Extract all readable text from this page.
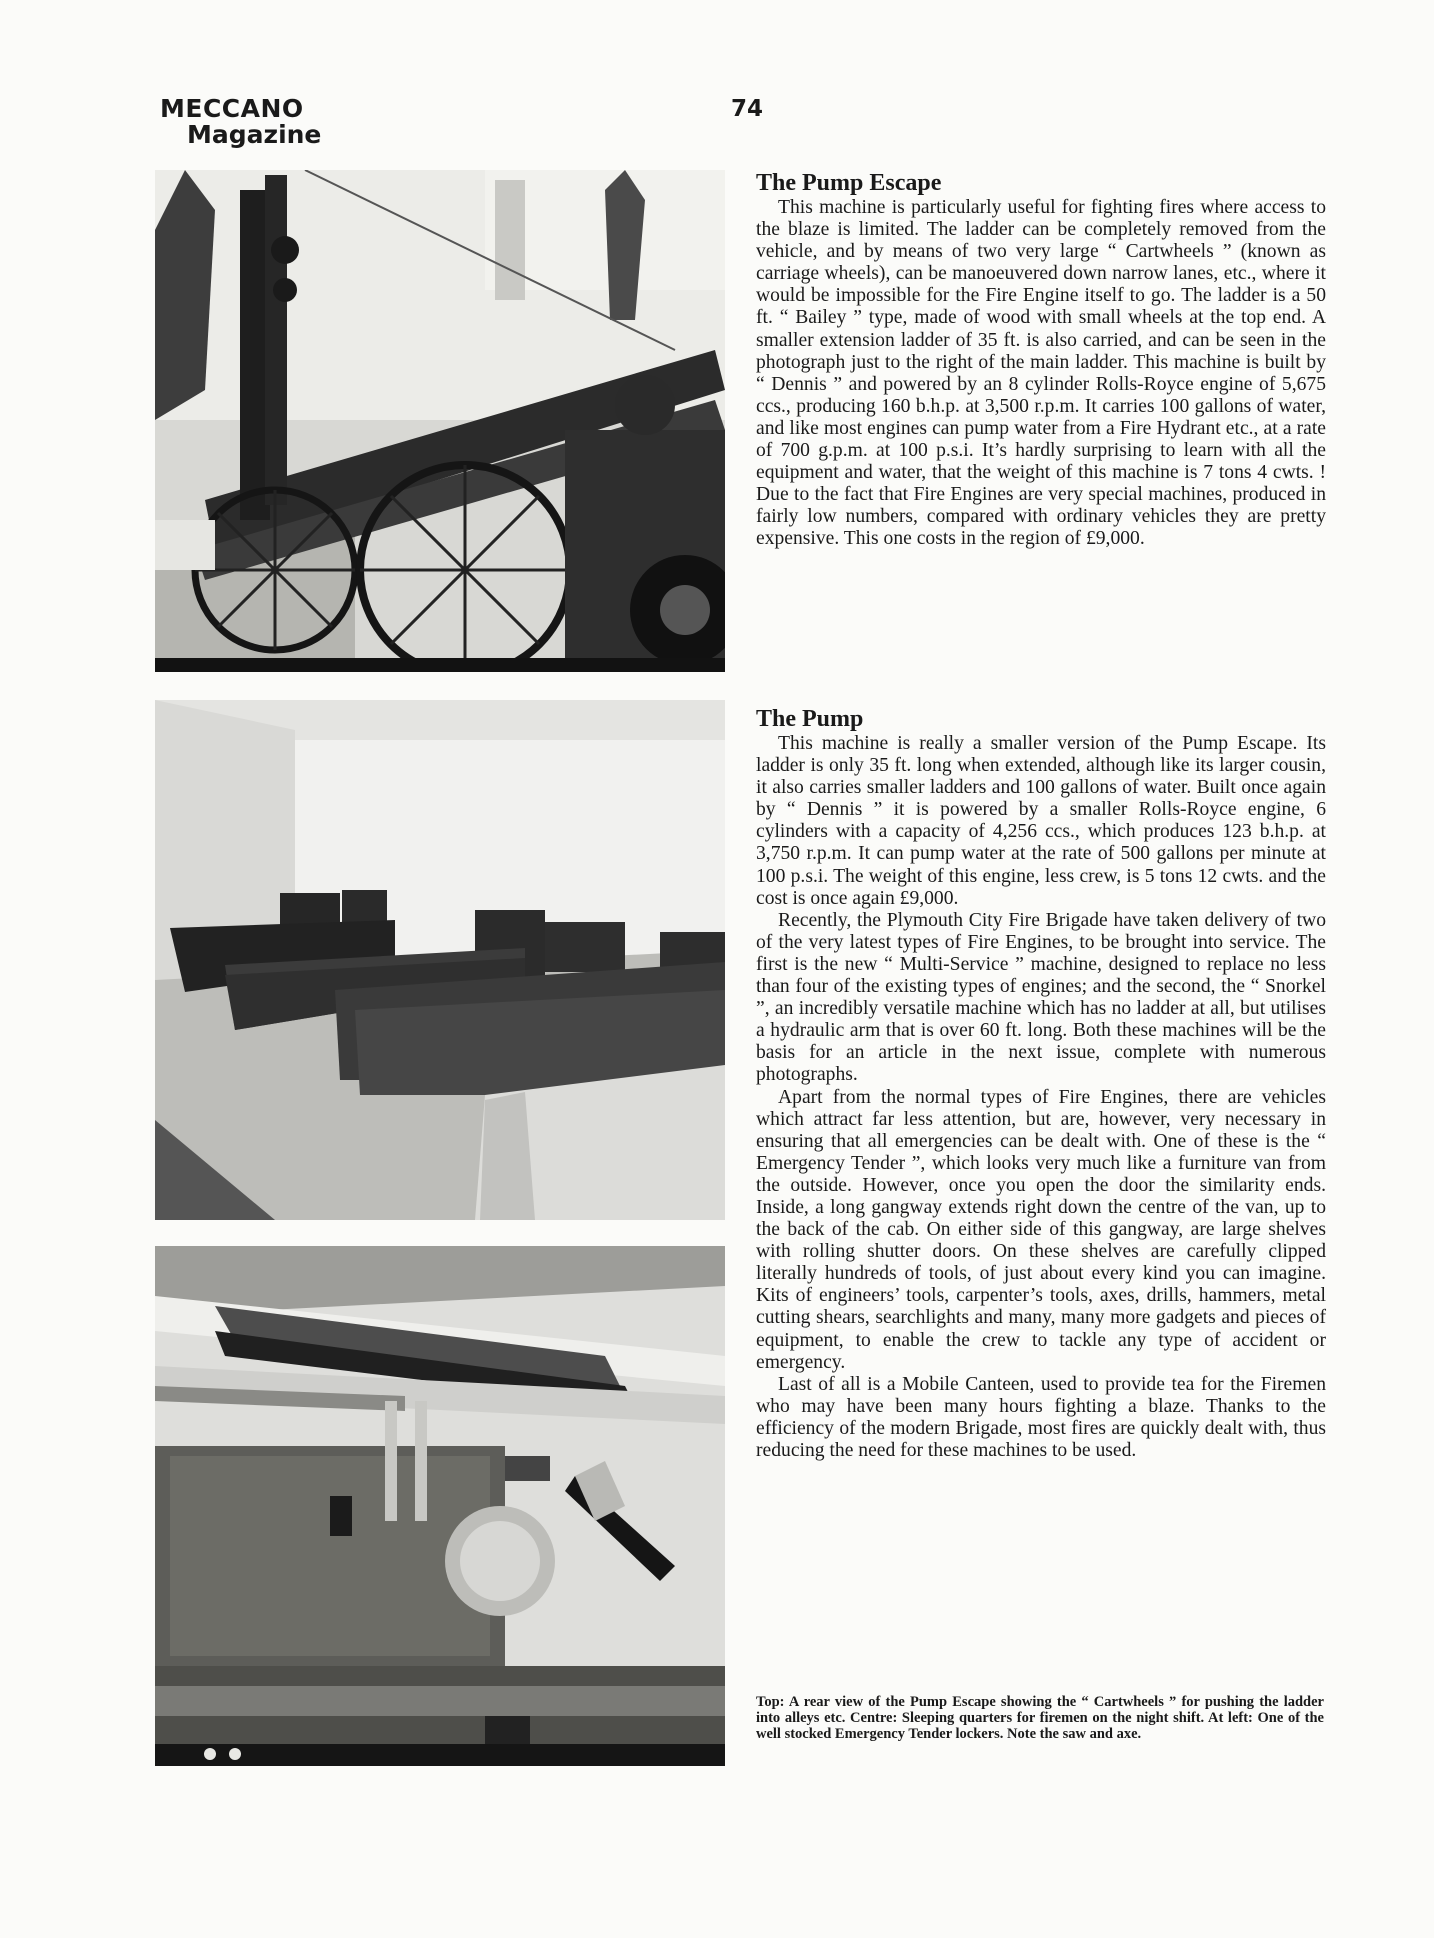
MECCANO
Magazine
74
The Pump Escape

This machine is particularly useful for fighting fires where access to the blaze is limited. The ladder can be completely removed from the vehicle, and by means of two very large “ Cartwheels ” (known as carriage wheels), can be manoeuvered down narrow lanes, etc., where it would be impossible for the Fire Engine itself to go. The ladder is a 50 ft. “ Bailey ” type, made of wood with small wheels at the top end. A smaller extension ladder of 35 ft. is also carried, and can be seen in the photograph just to the right of the main ladder. This machine is built by “ Dennis ” and powered by an 8 cylinder Rolls-Royce engine of 5,675 ccs., producing 160 b.h.p. at 3,500 r.p.m. It carries 100 gallons of water, and like most engines can pump water from a Fire Hydrant etc., at a rate of 700 g.p.m. at 100 p.s.i. It’s hardly surprising to learn with all the equipment and water, that the weight of this machine is 7 tons 4 cwts. ! Due to the fact that Fire Engines are very special machines, produced in fairly low numbers, compared with ordinary vehicles they are pretty expensive. This one costs in the region of £9,000.

The Pump

This machine is really a smaller version of the Pump Escape. Its ladder is only 35 ft. long when extended, although like its larger cousin, it also carries smaller ladders and 100 gallons of water. Built once again by “ Dennis ” it is powered by a smaller Rolls-Royce engine, 6 cylinders with a capacity of 4,256 ccs., which produces 123 b.h.p. at 3,750 r.p.m. It can pump water at the rate of 500 gallons per minute at 100 p.s.i. The weight of this engine, less crew, is 5 tons 12 cwts. and the cost is once again £9,000.

Recently, the Plymouth City Fire Brigade have taken delivery of two of the very latest types of Fire Engines, to be brought into service. The first is the new “ Multi-Service ” machine, designed to replace no less than four of the existing types of engines; and the second, the “ Snorkel ”, an incredibly versatile machine which has no ladder at all, but utilises a hydraulic arm that is over 60 ft. long. Both these machines will be the basis for an article in the next issue, complete with numerous photographs.

Apart from the normal types of Fire Engines, there are vehicles which attract far less attention, but are, however, very necessary in ensuring that all emergencies can be dealt with. One of these is the “ Emergency Tender ”, which looks very much like a furniture van from the outside. However, once you open the door the similarity ends. Inside, a long gangway extends right down the centre of the van, up to the back of the cab. On either side of this gangway, are large shelves with rolling shutter doors. On these shelves are carefully clipped literally hundreds of tools, of just about every kind you can imagine. Kits of engineers’ tools, carpenter’s tools, axes, drills, hammers, metal cutting shears, searchlights and many, many more gadgets and pieces of equipment, to enable the crew to tackle any type of accident or emergency.

Last of all is a Mobile Canteen, used to provide tea for the Firemen who may have been many hours fighting a blaze. Thanks to the efficiency of the modern Brigade, most fires are quickly dealt with, thus reducing the need for these machines to be used.

Top: A rear view of the Pump Escape showing the “ Cartwheels ” for pushing the ladder into alleys etc. Centre: Sleeping quarters for firemen on the night shift. At left: One of the well stocked Emergency Tender lockers. Note the saw and axe.
